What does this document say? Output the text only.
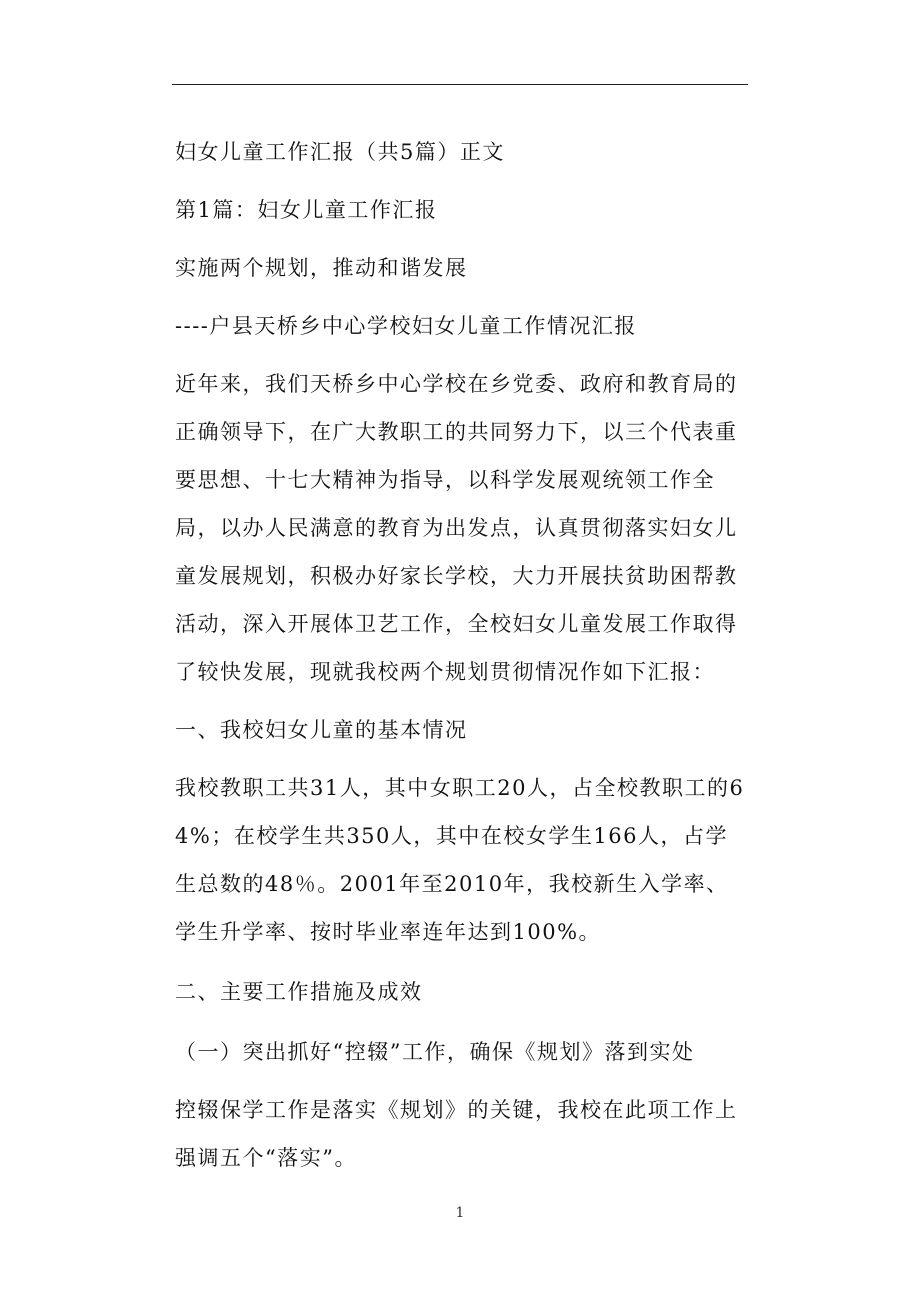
妇女儿童工作汇报（共5篇）正文

第1篇：妇女儿童工作汇报

实施两个规划，推动和谐发展

----户县天桥乡中心学校妇女儿童工作情况汇报

近年来，我们天桥乡中心学校在乡党委、政府和教育局的正确领导下，在广大教职工的共同努力下，以三个代表重要思想、十七大精神为指导，以科学发展观统领工作全局，以办人民满意的教育为出发点，认真贯彻落实妇女儿童发展规划，积极办好家长学校，大力开展扶贫助困帮教活动，深入开展体卫艺工作，全校妇女儿童发展工作取得了较快发展，现就我校两个规划贯彻情况作如下汇报：

一、我校妇女儿童的基本情况

我校教职工共31人，其中女职工20人，占全校教职工的64%；在校学生共350人，其中在校女学生166人，占学生总数的48％。2001年至2010年，我校新生入学率、学生升学率、按时毕业率连年达到100%。

二、主要工作措施及成效

（一）突出抓好“控辍”工作，确保《规划》落到实处

控辍保学工作是落实《规划》的关键，我校在此项工作上强调五个“落实”。

1
